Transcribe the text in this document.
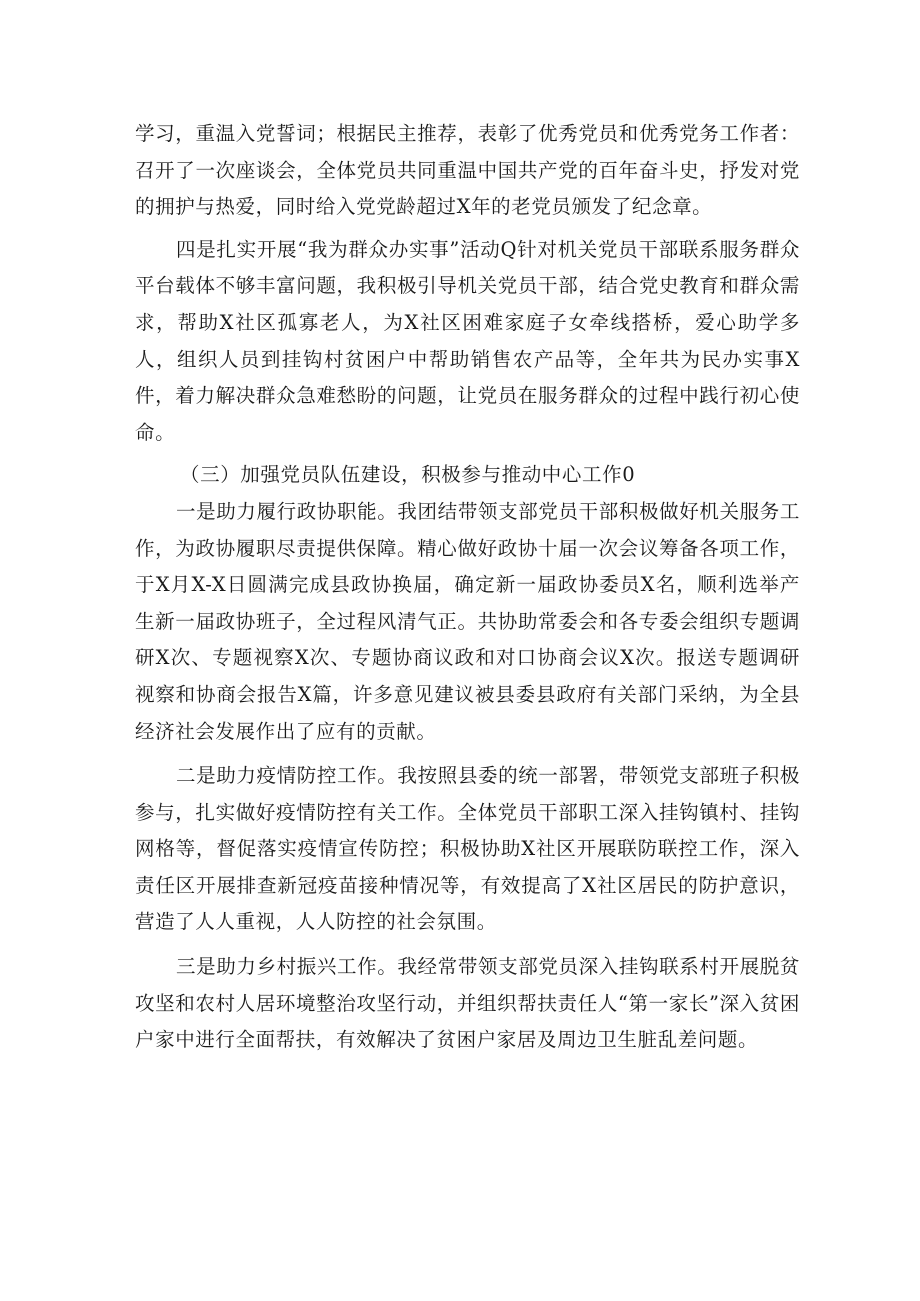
学习，重温入党誓词；根据民主推荐，表彰了优秀党员和优秀党务工作者：召开了一次座谈会，全体党员共同重温中国共产党的百年奋斗史，抒发对党的拥护与热爱，同时给入党党龄超过X年的老党员颁发了纪念章。

四是扎实开展“我为群众办实事”活动Q针对机关党员干部联系服务群众平台载体不够丰富问题，我积极引导机关党员干部，结合党史教育和群众需求，帮助X社区孤寡老人，为X社区困难家庭子女牵线搭桥，爱心助学多人，组织人员到挂钩村贫困户中帮助销售农产品等，全年共为民办实事X件，着力解决群众急难愁盼的问题，让党员在服务群众的过程中践行初心使命。

（三）加强党员队伍建设，积极参与推动中心工作0

一是助力履行政协职能。我团结带领支部党员干部积极做好机关服务工作，为政协履职尽责提供保障。精心做好政协十届一次会议筹备各项工作，于X月X-X日圆满完成县政协换届，确定新一届政协委员X名，顺利选举产生新一届政协班子，全过程风清气正。共协助常委会和各专委会组织专题调研X次、专题视察X次、专题协商议政和对口协商会议X次。报送专题调研视察和协商会报告X篇，许多意见建议被县委县政府有关部门采纳，为全县经济社会发展作出了应有的贡献。

二是助力疫情防控工作。我按照县委的统一部署，带领党支部班子积极参与，扎实做好疫情防控有关工作。全体党员干部职工深入挂钩镇村、挂钩网格等，督促落实疫情宣传防控；积极协助X社区开展联防联控工作，深入责任区开展排查新冠疫苗接种情况等，有效提高了X社区居民的防护意识，营造了人人重视，人人防控的社会氛围。

三是助力乡村振兴工作。我经常带领支部党员深入挂钩联系村开展脱贫攻坚和农村人居环境整治攻坚行动，并组织帮扶责任人“第一家长”深入贫困户家中进行全面帮扶，有效解决了贫困户家居及周边卫生脏乱差问题。
